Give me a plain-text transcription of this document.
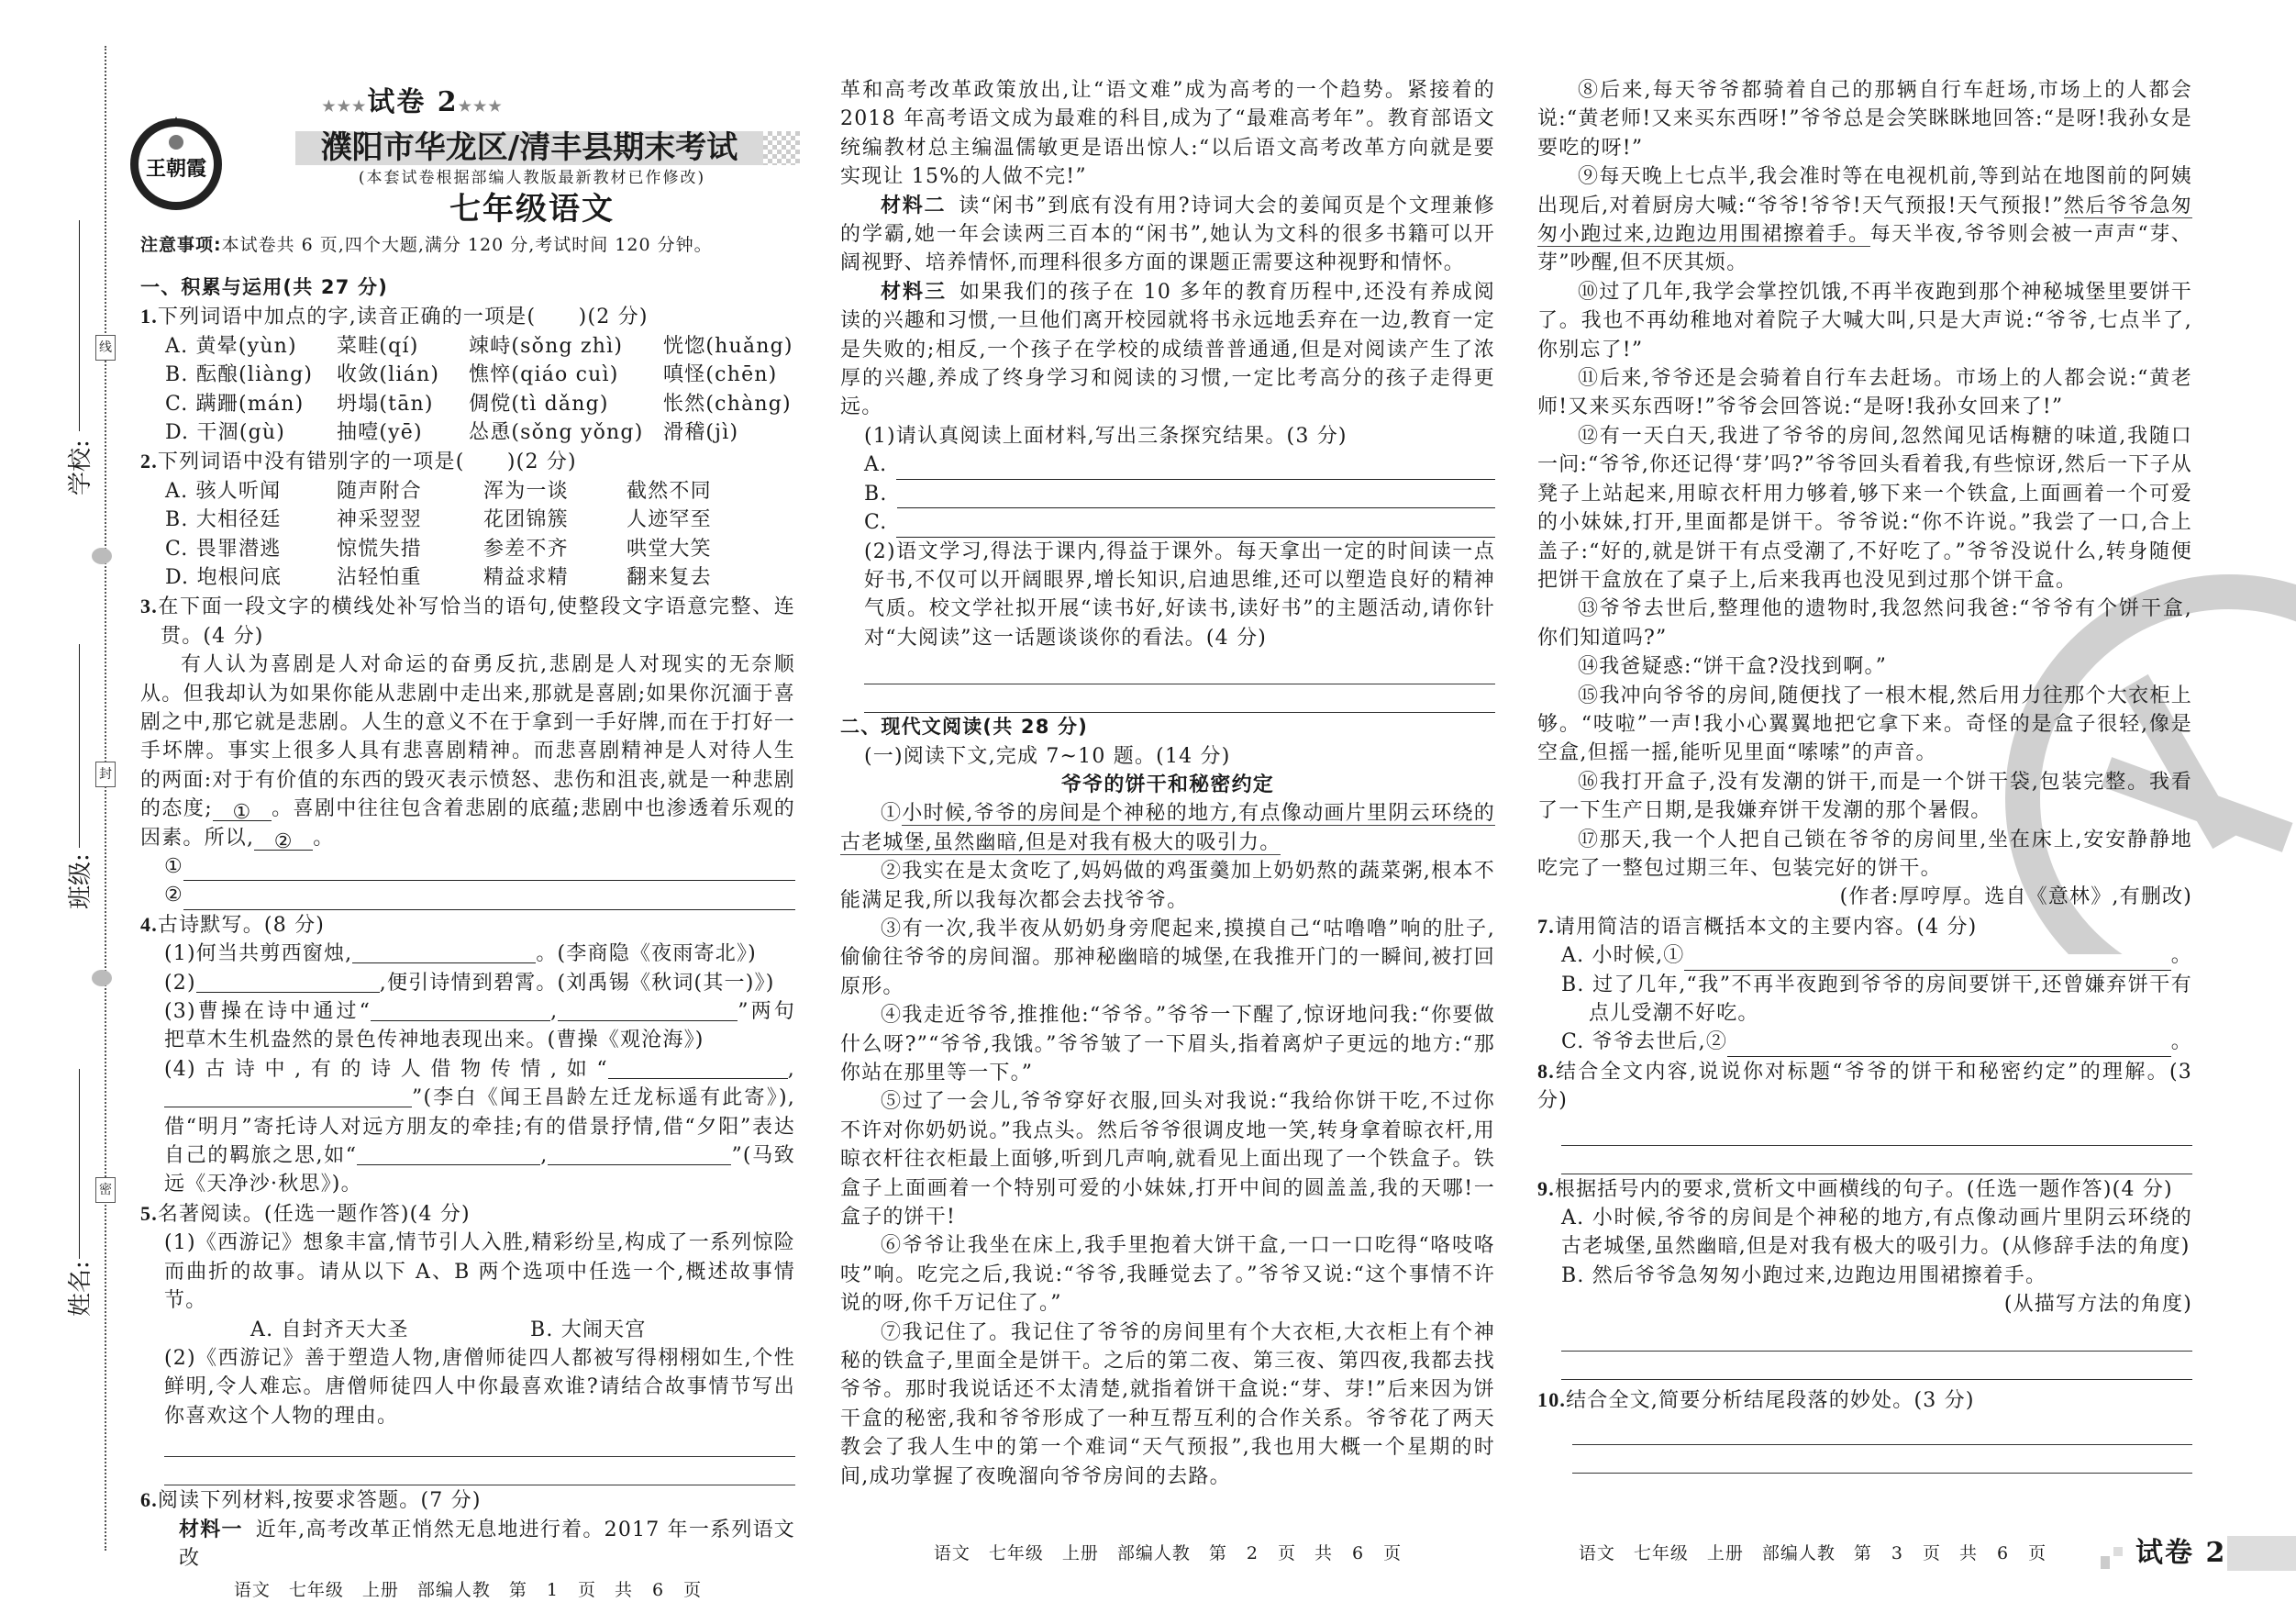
线
封
密
学校:
班级:
姓名:
王朝霞
★★★试卷 2★★★
濮阳市华龙区/清丰县期末考试
(本套试卷根据部编人教版最新教材已作修改)
七年级语文
注意事项:本试卷共 6 页,四个大题,满分 120 分,考试时间 120 分钟。

一、积累与运用(共 27 分)

1.下列词语中加点的字,读音正确的一项是(　　)(2 分)

A. 黄晕(yùn) 菜畦(qí) 竦峙(sǒng zhì) 恍惚(huǎng)
B. 酝酿(liàng) 收敛(lián) 憔悴(qiáo cuì) 嗔怪(chēn)
C. 蹒跚(mán) 坍塌(tān) 倜傥(tì dǎng)	怅然(chàng)
D. 干涸(gù)	抽噎(yē) 怂恿(sǒng yǒng) 滑稽(jì)

2.下列词语中没有错别字的一项是(　　)(2 分)

A. 骇人听闻	随声附合	浑为一谈	截然不同
B. 大相径廷	神采翌翌	花团锦簇	人迹罕至
C. 畏罪潜逃	惊慌失措	参差不齐	哄堂大笑
D. 垉根问底	沾轻怕重	精益求精	翻来复去

3.在下面一段文字的横线处补写恰当的语句,使整段文字语意完整、连贯。(4 分)

有人认为喜剧是人对命运的奋勇反抗,悲剧是人对现实的无奈顺从。但我却认为如果你能从悲剧中走出来,那就是喜剧;如果你沉湎于喜剧之中,那它就是悲剧。人生的意义不在于拿到一手好牌,而在于打好一手坏牌。事实上很多人具有悲喜剧精神。而悲喜剧精神是人对待人生的两面:对于有价值的东西的毁灭表示愤怒、悲伤和沮丧,就是一种悲剧的态度; ① 。喜剧中往往包含着悲剧的底蕴;悲剧中也渗透着乐观的因素。所以, ② 。

①
②

4.古诗默写。(8 分)

(1)何当共剪西窗烛,	。(李商隐《夜雨寄北》)

(2)	,便引诗情到碧霄。(刘禹锡《秋词(其一)》)

(3)曹操在诗中通过“	,	”两句把草木生机盎然的景色传神地表现出来。(曹操《观沧海》)

(4)古诗中,有的诗人借物传情,如“	,”(李白《闻王昌龄左迁龙标遥有此寄》),借“明月”寄托诗人对远方朋友的牵挂;有的借景抒情,借“夕阳”表达自己的羁旅之思,如“	,	”(马致远《天净沙·秋思》)。

5.名著阅读。(任选一题作答)(4 分)

(1)《西游记》想象丰富,情节引人入胜,精彩纷呈,构成了一系列惊险而曲折的故事。请从以下 A、B 两个选项中任选一个,概述故事情节。

A. 自封齐天大圣	B. 大闹天宫

(2)《西游记》善于塑造人物,唐僧师徒四人都被写得栩栩如生,个性鲜明,令人难忘。唐僧师徒四人中你最喜欢谁?请结合故事情节写出你喜欢这个人物的理由。

6.阅读下列材料,按要求答题。(7 分)

材料一 近年,高考改革正悄然无息地进行着。2017 年一系列语文改

语文　七年级　上册　部编人教　第 1 页　共 6 页

革和高考改革政策放出,让“语文难”成为高考的一个趋势。紧接着的 2018 年高考语文成为最难的科目,成为了“最难高考年”。教育部语文统编教材总主编温儒敏更是语出惊人:“以后语文高考改革方向就是要实现让 15%的人做不完!”

材料二 读“闲书”到底有没有用?诗词大会的姜闻页是个文理兼修的学霸,她一年会读两三百本的“闲书”,她认为文科的很多书籍可以开阔视野、培养情怀,而理科很多方面的课题正需要这种视野和情怀。

材料三 如果我们的孩子在 10 多年的教育历程中,还没有养成阅读的兴趣和习惯,一旦他们离开校园就将书永远地丢弃在一边,教育一定是失败的;相反,一个孩子在学校的成绩普普通通,但是对阅读产生了浓厚的兴趣,养成了终身学习和阅读的习惯,一定比考高分的孩子走得更远。

(1)请认真阅读上面材料,写出三条探究结果。(3 分)

A.
B.
C.

(2)语文学习,得法于课内,得益于课外。每天拿出一定的时间读一点好书,不仅可以开阔眼界,增长知识,启迪思维,还可以塑造良好的精神气质。校文学社拟开展“读书好,好读书,读好书”的主题活动,请你针对“大阅读”这一话题谈谈你的看法。(4 分)

二、现代文阅读(共 28 分)

(一)阅读下文,完成 7~10 题。(14 分)

爷爷的饼干和秘密约定

①小时候,爷爷的房间是个神秘的地方,有点像动画片里阴云环绕的古老城堡,虽然幽暗,但是对我有极大的吸引力。

②我实在是太贪吃了,妈妈做的鸡蛋羹加上奶奶熬的蔬菜粥,根本不能满足我,所以我每次都会去找爷爷。

③有一次,我半夜从奶奶身旁爬起来,摸摸自己“咕噜噜”响的肚子,偷偷往爷爷的房间溜。那神秘幽暗的城堡,在我推开门的一瞬间,被打回原形。

④我走近爷爷,推推他:“爷爷。”爷爷一下醒了,惊讶地问我:“你要做什么呀?”“爷爷,我饿。”爷爷皱了一下眉头,指着离炉子更远的地方:“那你站在那里等一下。”

⑤过了一会儿,爷爷穿好衣服,回头对我说:“我给你饼干吃,不过你不许对你奶奶说。”我点头。然后爷爷很调皮地一笑,转身拿着晾衣杆,用晾衣杆往衣柜最上面够,听到几声响,就看见上面出现了一个铁盒子。铁盒子上面画着一个特别可爱的小妹妹,打开中间的圆盖盖,我的天哪!一盒子的饼干!

⑥爷爷让我坐在床上,我手里抱着大饼干盒,一口一口吃得“咯吱咯吱”响。吃完之后,我说:“爷爷,我睡觉去了。”爷爷又说:“这个事情不许说的呀,你千万记住了。”

⑦我记住了。我记住了爷爷的房间里有个大衣柜,大衣柜上有个神秘的铁盒子,里面全是饼干。之后的第二夜、第三夜、第四夜,我都去找爷爷。那时我说话还不太清楚,就指着饼干盒说:“芽、芽!”后来因为饼干盒的秘密,我和爷爷形成了一种互帮互利的合作关系。爷爷花了两天教会了我人生中的第一个难词“天气预报”,我也用大概一个星期的时间,成功掌握了夜晚溜向爷爷房间的去路。

语文　七年级　上册　部编人教　第 2 页　共 6 页

⑧后来,每天爷爷都骑着自己的那辆自行车赶场,市场上的人都会说:“黄老师!又来买东西呀!”爷爷总是会笑眯眯地回答:“是呀!我孙女是要吃的呀!”

⑨每天晚上七点半,我会准时等在电视机前,等到站在地图前的阿姨出现后,对着厨房大喊:“爷爷!爷爷!天气预报!天气预报!”然后爷爷急匆匆小跑过来,边跑边用围裙擦着手。每天半夜,爷爷则会被一声声“芽、芽”吵醒,但不厌其烦。

⑩过了几年,我学会掌控饥饿,不再半夜跑到那个神秘城堡里要饼干了。我也不再幼稚地对着院子大喊大叫,只是大声说:“爷爷,七点半了,你别忘了!”

⑪后来,爷爷还是会骑着自行车去赶场。市场上的人都会说:“黄老师!又来买东西呀!”爷爷会回答说:“是呀!我孙女回来了!”

⑫有一天白天,我进了爷爷的房间,忽然闻见话梅糖的味道,我随口一问:“爷爷,你还记得‘芽’吗?”爷爷回头看着我,有些惊讶,然后一下子从凳子上站起来,用晾衣杆用力够着,够下来一个铁盒,上面画着一个可爱的小妹妹,打开,里面都是饼干。爷爷说:“你不许说。”我尝了一口,合上盖子:“好的,就是饼干有点受潮了,不好吃了。”爷爷没说什么,转身随便把饼干盒放在了桌子上,后来我再也没见到过那个饼干盒。

⑬爷爷去世后,整理他的遗物时,我忽然问我爸:“爷爷有个饼干盒,你们知道吗?”

⑭我爸疑惑:“饼干盒?没找到啊。”

⑮我冲向爷爷的房间,随便找了一根木棍,然后用力往那个大衣柜上够。“吱啦”一声!我小心翼翼地把它拿下来。奇怪的是盒子很轻,像是空盒,但摇一摇,能听见里面“嗦嗦”的声音。

⑯我打开盒子,没有发潮的饼干,而是一个饼干袋,包装完整。我看了一下生产日期,是我嫌弃饼干发潮的那个暑假。

⑰那天,我一个人把自己锁在爷爷的房间里,坐在床上,安安静静地吃完了一整包过期三年、包装完好的饼干。

(作者:厚哼厚。选自《意林》,有删改)

7.请用简洁的语言概括本文的主要内容。(4 分)

A. 小时候,①	。

B. 过了几年,“我”不再半夜跑到爷爷的房间要饼干,还曾嫌弃饼干有点儿受潮不好吃。

C. 爷爷去世后,②	。

8.结合全文内容,说说你对标题“爷爷的饼干和秘密约定”的理解。(3 分)

9.根据括号内的要求,赏析文中画横线的句子。(任选一题作答)(4 分)

A. 小时候,爷爷的房间是个神秘的地方,有点像动画片里阴云环绕的古老城堡,虽然幽暗,但是对我有极大的吸引力。(从修辞手法的角度)

B. 然后爷爷急匆匆小跑过来,边跑边用围裙擦着手。

(从描写方法的角度)

10.结合全文,简要分析结尾段落的妙处。(3 分)

语文　七年级　上册　部编人教　第 3 页　共 6 页	试卷 2
